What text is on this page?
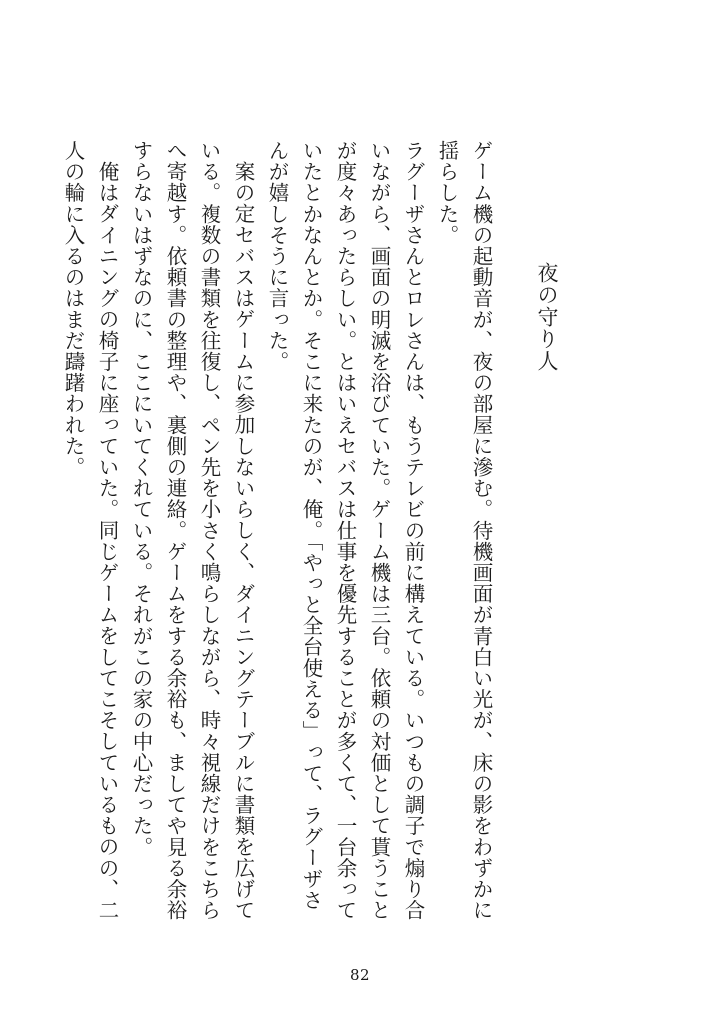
夜の守り人

ゲーム機の起動音が、夜の部屋に滲む。待機画面が青白い光が、床の影をわずかに揺らした。

ラグーザさんとロレさんは、もうテレビの前に構えている。いつもの調子で煽り合いながら、画面の明滅を浴びていた。ゲーム機は三台。依頼の対価として貰うことが度々あったらしい。とはいえセバスは仕事を優先することが多くて、一台余っていたとかなんとか。そこに来たのが、俺。「やっと全台使える」って、ラグーザさんが嬉しそうに言った。

案の定セバスはゲームに参加しないらしく、ダイニングテーブルに書類を広げている。複数の書類を往復し、ペン先を小さく鳴らしながら、時々視線だけをこちらへ寄越す。依頼書の整理や、裏側の連絡。ゲームをする余裕も、ましてや見る余裕すらないはずなのに、ここにいてくれている。それがこの家の中心だった。

俺はダイニングの椅子に座っていた。同じゲームをしてこそしているものの、二人の輪に入るのはまだ躊躇われた。

82
